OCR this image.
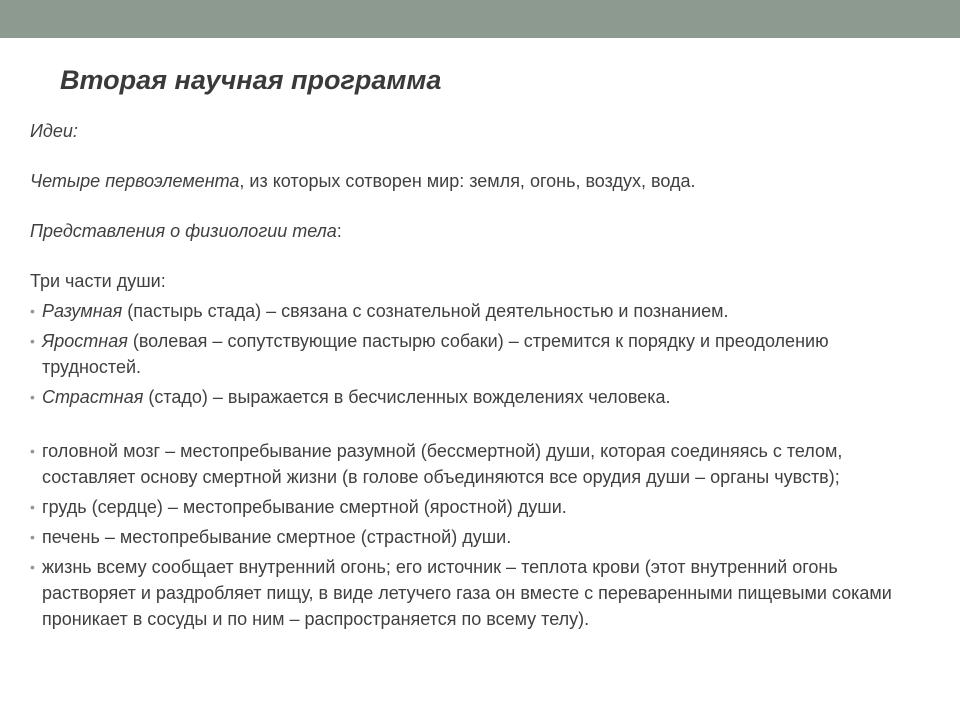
Вторая научная программа

Идеи:

Четыре первоэлемента, из которых сотворен мир: земля, огонь, воздух, вода.

Представления о физиологии тела:

Три части души:

• Разумная (пастырь стада) – связана с сознательной деятельностью и познанием.
• Яростная (волевая – сопутствующие пастырю собаки) – стремится к порядку и преодолению трудностей.
• Страстная (стадо) – выражается в бесчисленных вожделениях человека.
• головной мозг – местопребывание разумной (бессмертной) души, которая соединяясь с телом, составляет основу смертной жизни (в голове объединяются все орудия души – органы чувств);
• грудь (сердце) – местопребывание смертной (яростной) души.
• печень – местопребывание смертное (страстной) души.
• жизнь всему сообщает внутренний огонь; его источник – теплота крови (этот внутренний огонь растворяет и раздробляет пищу, в виде летучего газа он вместе с переваренными пищевыми соками проникает в сосуды и по ним – распространяется по всему телу).
